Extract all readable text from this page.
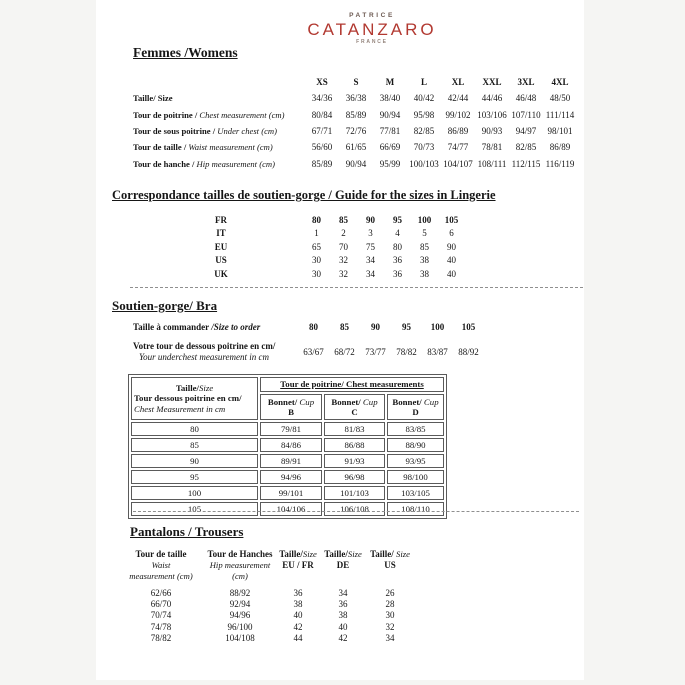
PATRICE
CATANZARO
FRANCE
Femmes /Womens
	XS	S	M	L	XL	XXL	3XL	4XL
Taille/ Size	34/36	36/38	38/40	40/42	42/44	44/46	46/48	48/50
Tour de poitrine / Chest measurement (cm)	80/84	85/89	90/94	95/98	99/102	103/106	107/110	111/114
Tour de sous poitrine / Under chest (cm)	67/71	72/76	77/81	82/85	86/89	90/93	94/97	98/101
Tour de taille / Waist measurement (cm)	56/60	61/65	66/69	70/73	74/77	78/81	82/85	86/89
Tour de hanche / Hip measurement (cm)	85/89	90/94	95/99	100/103	104/107	108/111	112/115	116/119
Correspondance tailles de soutien-gorge / Guide for the sizes in Lingerie
FR		80	85	90	95	100	105
IT		1	2	3	4	5	6
EU		65	70	75	80	85	90
US		30	32	34	36	38	40
UK		30	32	34	36	38	40
Soutien-gorge/ Bra
Taille à commander /Size to order	80	85	90	95	100	105

Votre tour de dessous poitrine en cm/
Your underchest measurement in cm	63/67	68/72	73/77	78/82	83/87	88/92
Taille/Size
Tour dessous poitrine en cm/
Chest Measurement in cm	Tour de poitrine/ Chest measurements		

Bonnet/ Cup
B

Bonnet/ Cup
C

Bonnet/ Cup
D

80	79/81	81/83	83/85
85	84/86	86/88	88/90
90	89/91	91/93	93/95
95	94/96	96/98	98/100
100	99/101	101/103	103/105
105	104/106	106/108	108/110
Pantalons / Trousers
Tour de taille
Waist
measurement (cm)

Tour de Hanches
Hip measurement
(cm)

Taille/Size
EU / FR

Taille/Size
DE

Taille/ Size
US

62/66	88/92	36	34	26
66/70	92/94	38	36	28
70/74	94/96	40	38	30
74/78	96/100	42	40	32
78/82	104/108	44	42	34
